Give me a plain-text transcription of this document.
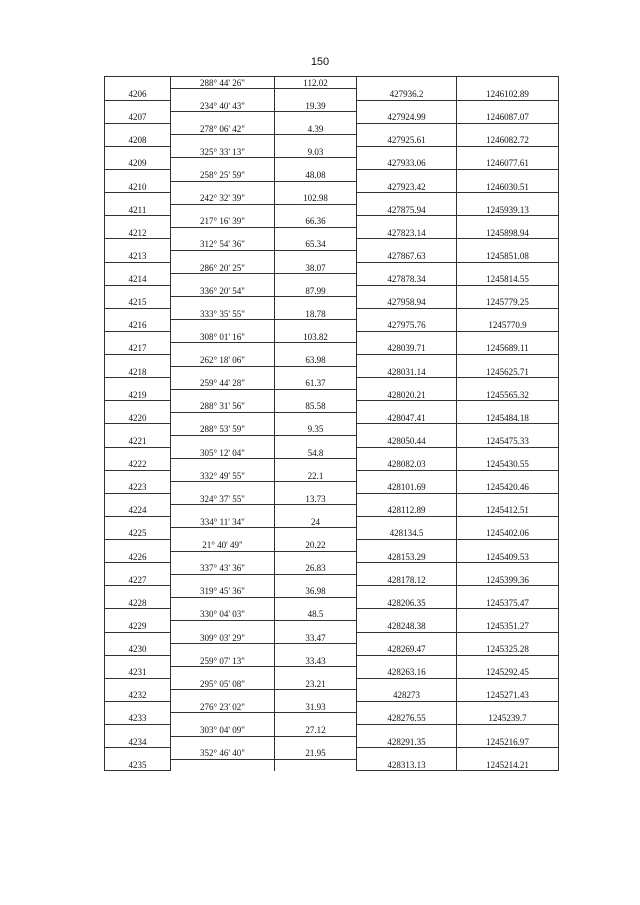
150
	288° 44' 26"	112.02		
4206			427936.2	1246102.89
	234° 40' 43"	19.39		
4207			427924.99	1246087.07
	278° 06' 42"	4.39		
4208			427925.61	1246082.72
	325° 33' 13"	9.03		
4209			427933.06	1246077.61
	258° 25' 59"	48.08		
4210			427923.42	1246030.51
	242° 32' 39"	102.98		
4211			427875.94	1245939.13
	217° 16' 39"	66.36		
4212			427823.14	1245898.94
	312° 54' 36"	65.34		
4213			427867.63	1245851.08
	286° 20' 25"	38.07		
4214			427878.34	1245814.55
	336° 20' 54"	87.99		
4215			427958.94	1245779.25
	333° 35' 55"	18.78		
4216			427975.76	1245770.9
	308° 01' 16"	103.82		
4217			428039.71	1245689.11
	262° 18' 06"	63.98		
4218			428031.14	1245625.71
	259° 44' 28"	61.37		
4219			428020.21	1245565.32
	288° 31' 56"	85.58		
4220			428047.41	1245484.18
	288° 53' 59"	9.35		
4221			428050.44	1245475.33
	305° 12' 04"	54.8		
4222			428082.03	1245430.55
	332° 49' 55"	22.1		
4223			428101.69	1245420.46
	324° 37' 55"	13.73		
4224			428112.89	1245412.51
	334° 11' 34"	24		
4225			428134.5	1245402.06
	21° 40' 49"	20.22		
4226			428153.29	1245409.53
	337° 43' 36"	26.83		
4227			428178.12	1245399.36
	319° 45' 36"	36.98		
4228			428206.35	1245375.47
	330° 04' 03"	48.5		
4229			428248.38	1245351.27
	309° 03' 29"	33.47		
4230			428269.47	1245325.28
	259° 07' 13"	33.43		
4231			428263.16	1245292.45
	295° 05' 08"	23.21		
4232			428273	1245271.43
	276° 23' 02"	31.93		
4233			428276.55	1245239.7
	303° 04' 09"	27.12		
4234			428291.35	1245216.97
	352° 46' 40"	21.95		
4235			428313.13	1245214.21
